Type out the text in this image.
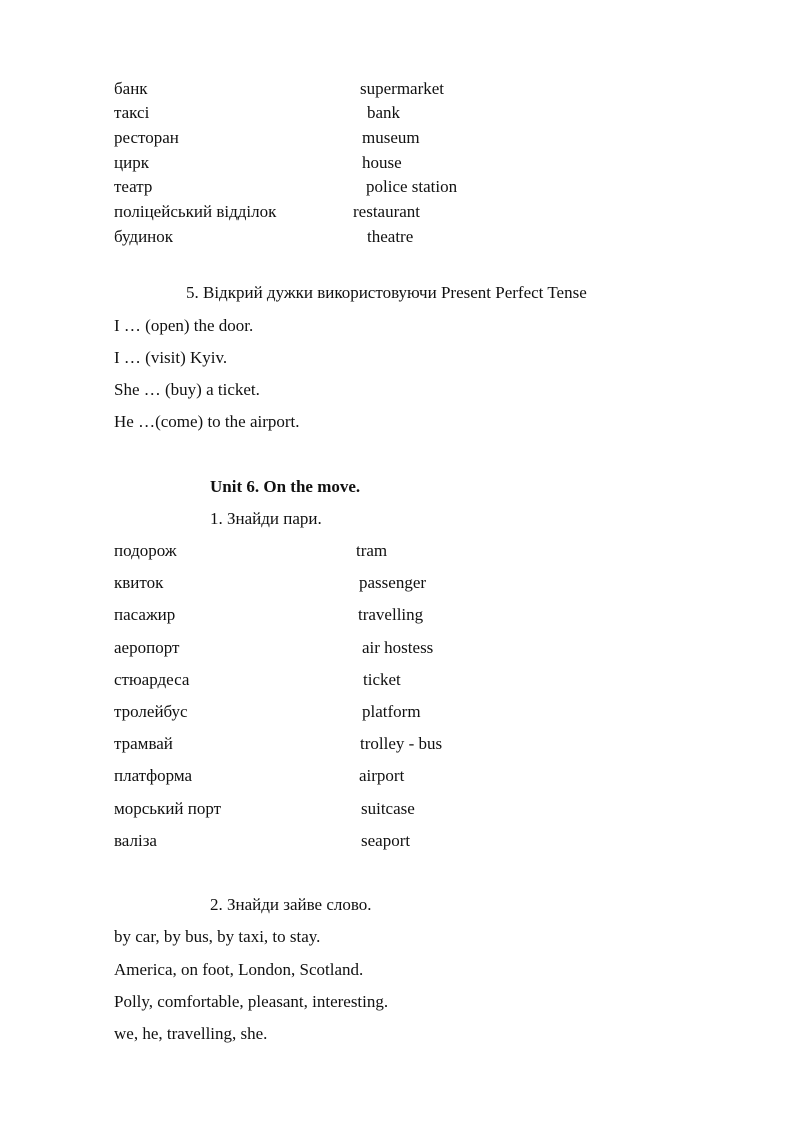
банк	supermarket
таксі	bank
ресторан	museum
цирк	house
театр	police station
поліцейський відділок	restaurant
будинок	theatre
5. Відкрий дужки використовуючи Present Perfect Tense
I … (open) the door.
I … (visit) Kyiv.
She … (buy) a ticket.
He …(come) to the airport.
Unit 6. On the move.
1. Знайди пари.
подорож	tram
квиток	passenger
пасажир	travelling
аеропорт	air hostess
стюардеса	ticket
тролейбус	platform
трамвай	trolley - bus
платформа	airport
морський порт	suitcase
валіза	seaport
2. Знайди зайве слово.
by car, by bus, by taxi, to stay.
America, on foot, London, Scotland.
Polly, comfortable, pleasant, interesting.
we, he, travelling, she.
